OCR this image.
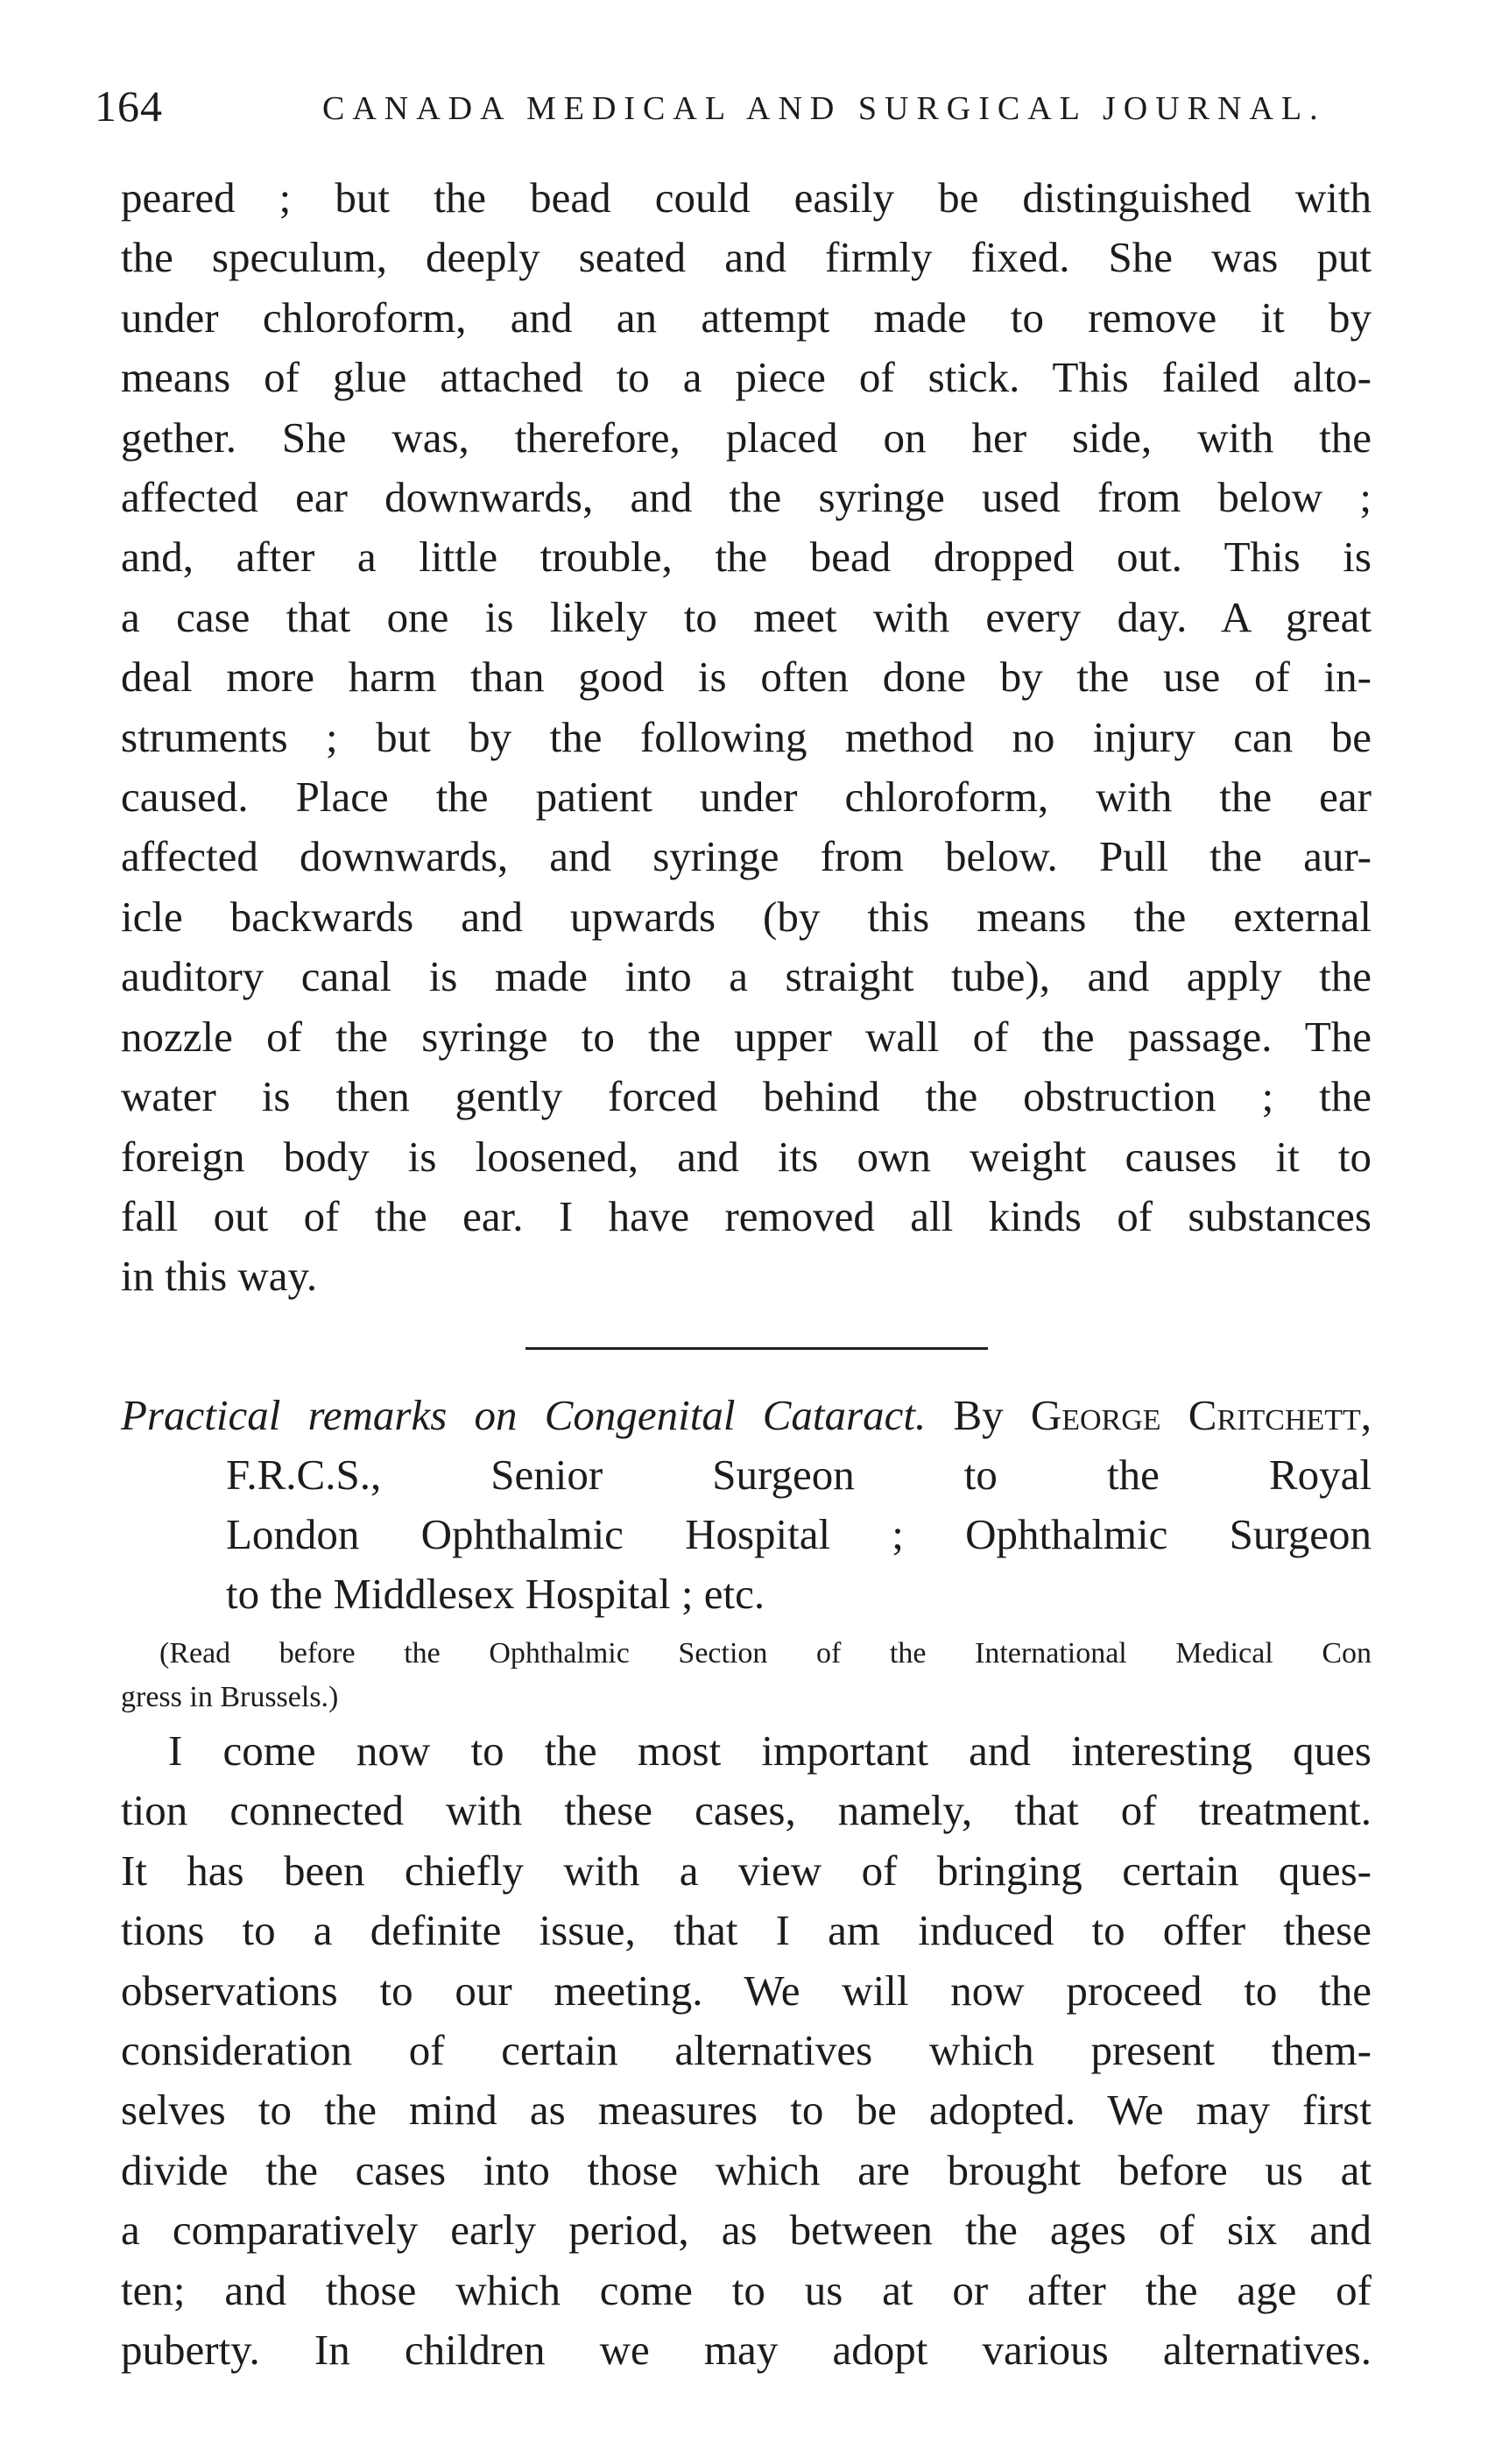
164	CANADA MEDICAL AND SURGICAL JOURNAL.
peared ; but the bead could easily be distinguished with
the speculum, deeply seated and firmly fixed. She was put
under chloroform, and an attempt made to remove it by
means of glue attached to a piece of stick. This failed alto-
gether. She was, therefore, placed on her side, with the
affected ear downwards, and the syringe used from below ;
and, after a little trouble, the bead dropped out. This is
a case that one is likely to meet with every day. A great
deal more harm than good is often done by the use of in-
struments ; but by the following method no injury can be
caused. Place the patient under chloroform, with the ear
affected downwards, and syringe from below. Pull the aur-
icle backwards and upwards (by this means the external
auditory canal is made into a straight tube), and apply the
nozzle of the syringe to the upper wall of the passage. The
water is then gently forced behind the obstruction ; the
foreign body is loosened, and its own weight causes it to
fall out of the ear. I have removed all kinds of substances
in this way.
Practical remarks on Congenital Cataract. By George Critchett,
F.R.C.S., Senior Surgeon to the Royal
London Ophthalmic Hospital ; Ophthalmic Surgeon
to the Middlesex Hospital ; etc.
(Read before the Ophthalmic Section of the International Medical Con
gress in Brussels.)
I come now to the most important and interesting ques
tion connected with these cases, namely, that of treatment.
It has been chiefly with a view of bringing certain ques-
tions to a definite issue, that I am induced to offer these
observations to our meeting. We will now proceed to the
consideration of certain alternatives which present them-
selves to the mind as measures to be adopted. We may first
divide the cases into those which are brought before us at
a comparatively early period, as between the ages of six and
ten; and those which come to us at or after the age of
puberty. In children we may adopt various alternatives.
